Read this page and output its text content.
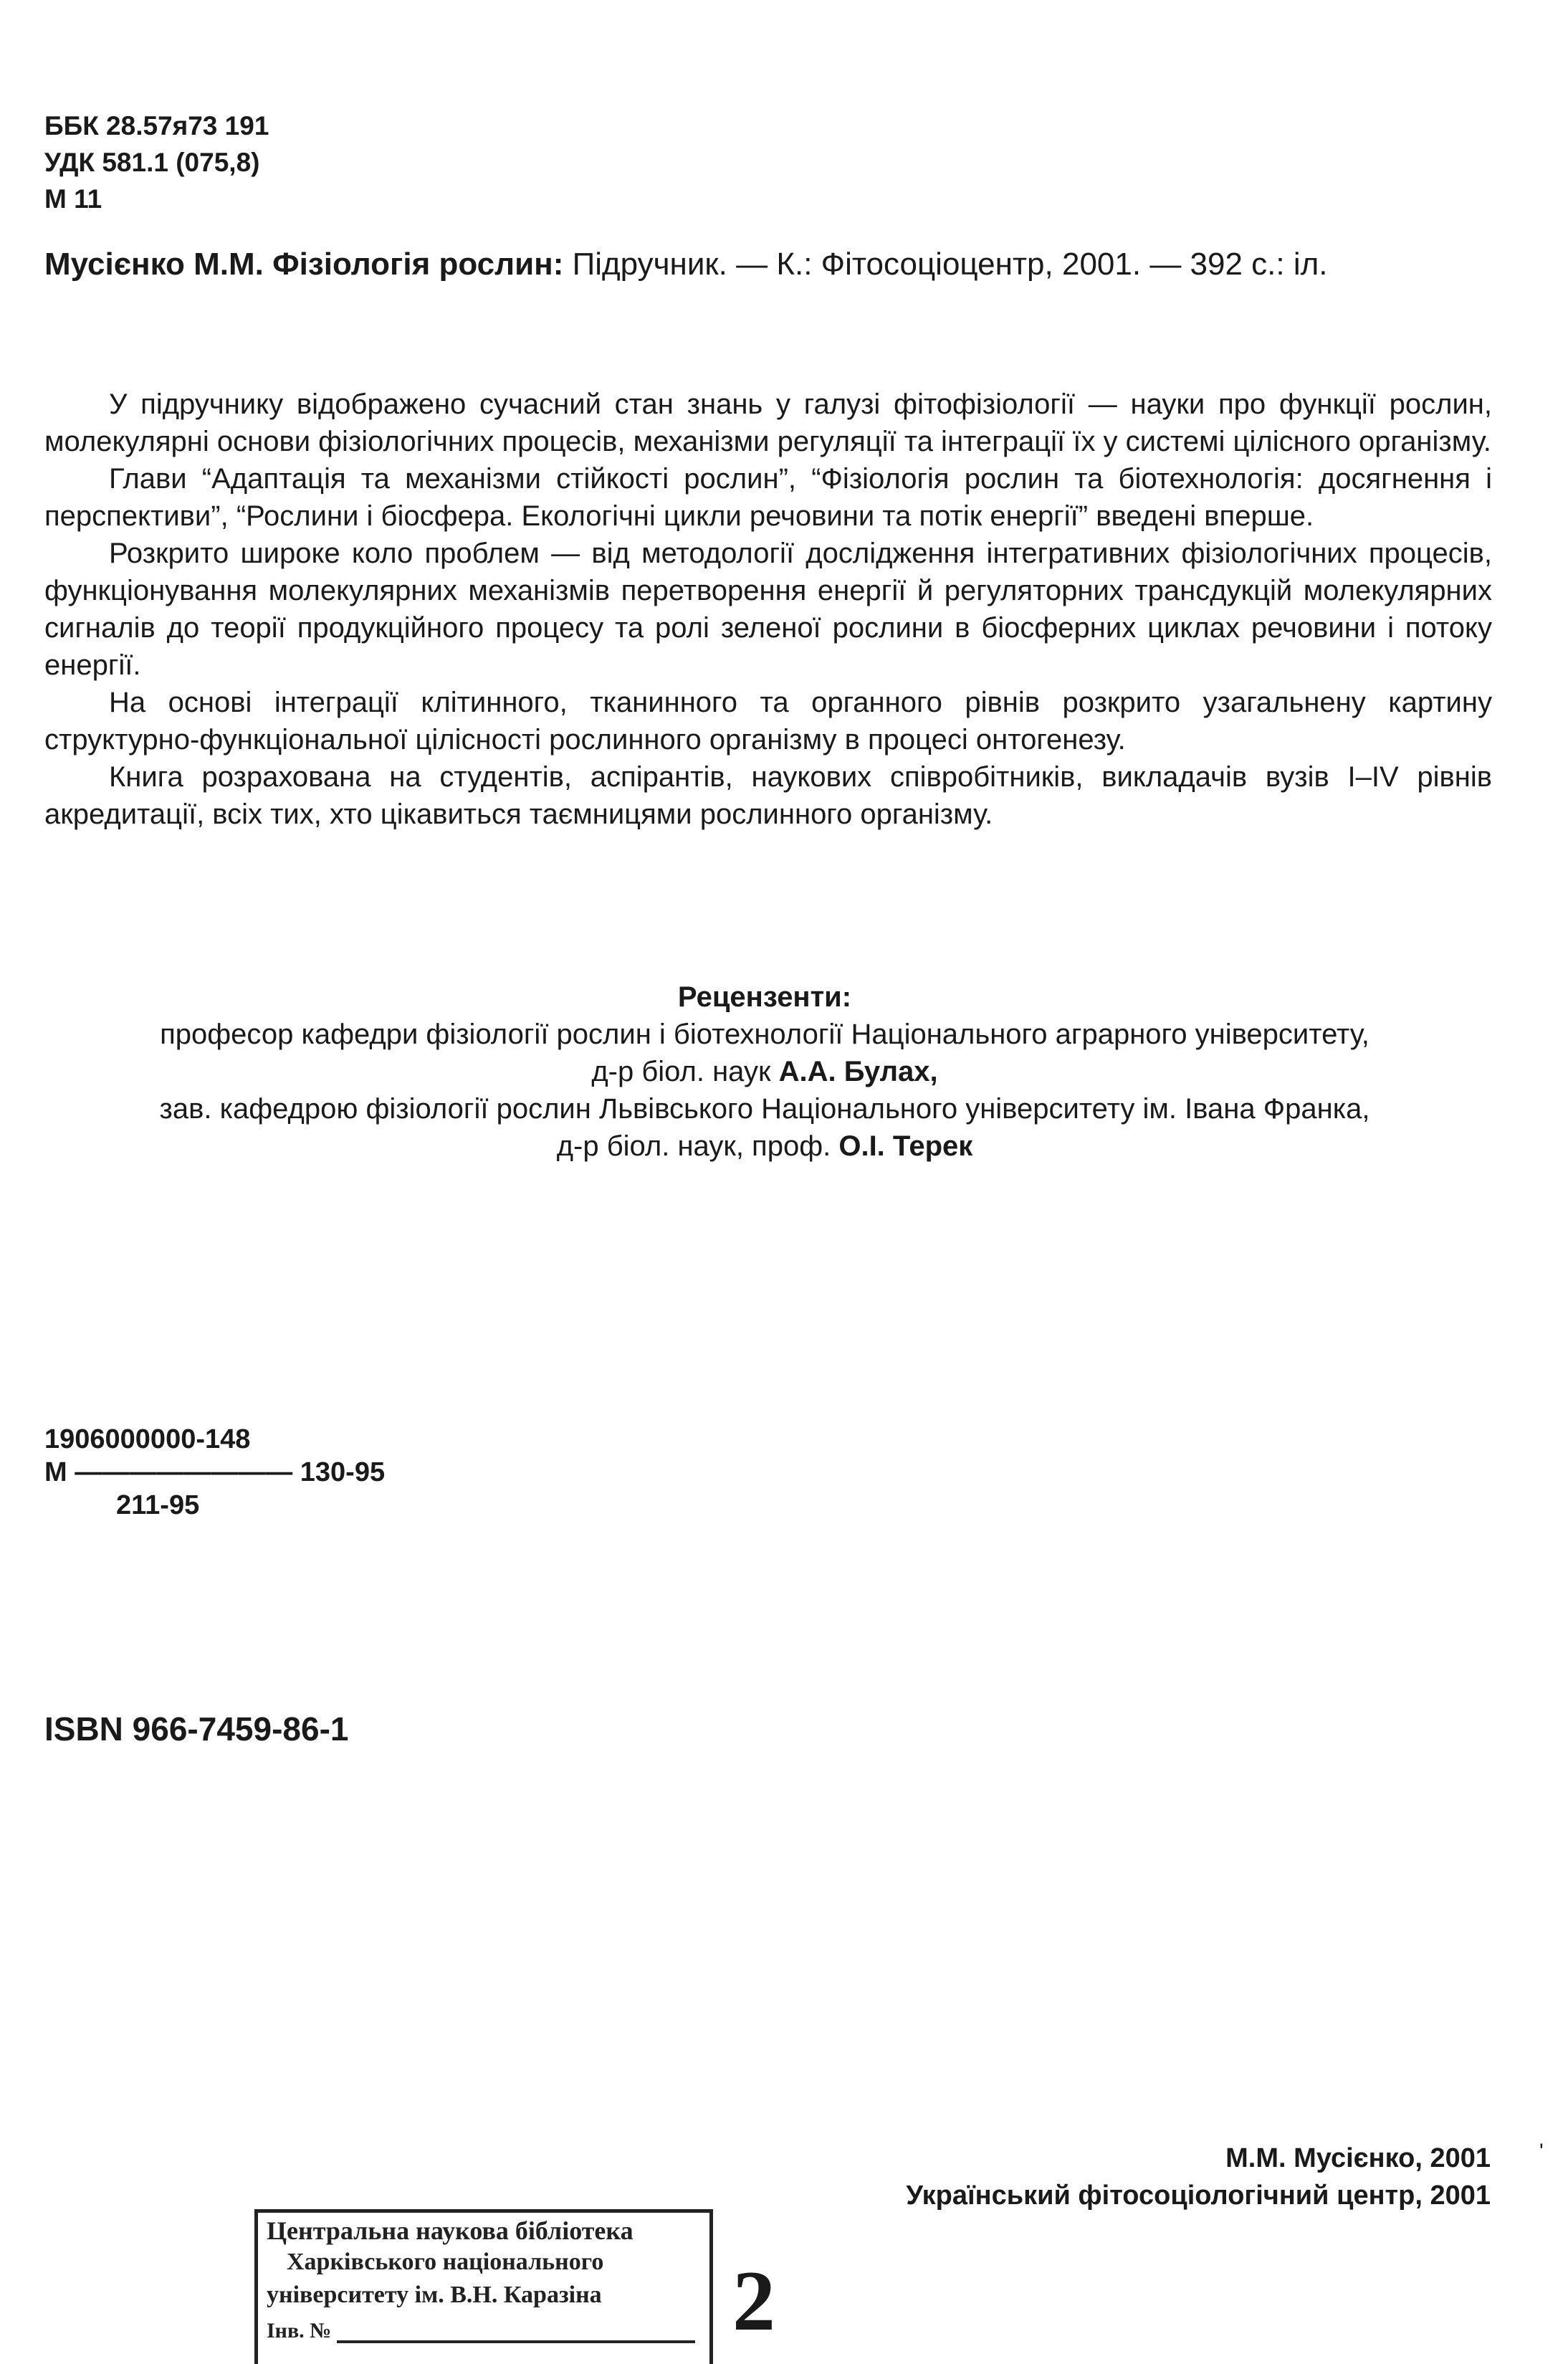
ББК 28.57я73 191
УДК 581.1 (075,8)
М 11
Мусієнко М.М. Фізіологія рослин: Підручник. — К.: Фітосоціоцентр, 2001. — 392 с.: іл.

У підручнику відображено сучасний стан знань у галузі фітофізіології — науки про функції рослин, молекулярні основи фізіологічних процесів, механізми регуляції та інтеграції їх у системі цілісного організму.

Глави “Адаптація та механізми стійкості рослин”, “Фізіологія рослин та біотехнологія: досягнення і перспективи”, “Рослини і біосфера. Екологічні цикли речовини та потік енергії” введені вперше.

Розкрито широке коло проблем — від методології дослідження інтегративних фізіологічних процесів, функціонування молекулярних механізмів перетворення енергії й регуляторних трансдукцій молекулярних сигналів до теорії продукційного процесу та ролі зеленої рослини в біосферних циклах речовини і потоку енергії.

На основі інтеграції клітинного, тканинного та органного рівнів розкрито узагальнену картину структурно-функціональної цілісності рослинного організму в процесі онтогенезу.

Книга розрахована на студентів, аспірантів, наукових співробітників, викладачів вузів І–IV рівнів акредитації, всіх тих, хто цікавиться таємницями рослинного організму.

Рецензенти:
професор кафедри фізіології рослин і біотехнології Національного аграрного університету,
д-р біол. наук А.А. Булах,
зав. кафедрою фізіології рослин Львівського Національного університету ім. Івана Франка,
д-р біол. наук, проф. О.І. Терек
1906000000-148
М ———————— 130-95
211-95
ISBN 966-7459-86-1
М.М. Мусієнко, 2001
Український фітосоціологічний центр, 2001
'
Центральна наукова бібліотека
Харківського національного
університету ім. В.Н. Каразіна
Інв. №	2
